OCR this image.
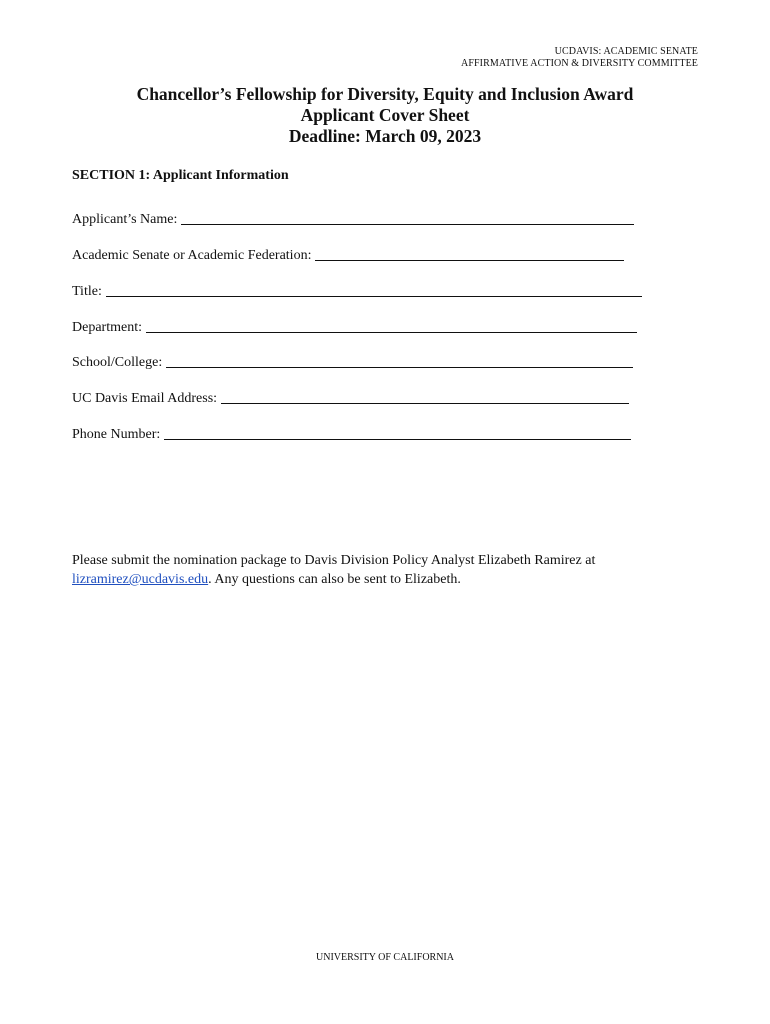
UCDAVIS: ACADEMIC SENATE
AFFIRMATIVE ACTION & DIVERSITY COMMITTEE
Chancellor’s Fellowship for Diversity, Equity and Inclusion Award
Applicant Cover Sheet
Deadline: March 09, 2023
SECTION 1: Applicant Information
Applicant’s Name:
Academic Senate or Academic Federation:
Title:
Department:
School/College:
UC Davis Email Address:
Phone Number:
Please submit the nomination package to Davis Division Policy Analyst Elizabeth Ramirez at lizramirez@ucdavis.edu. Any questions can also be sent to Elizabeth.
UNIVERSITY OF CALIFORNIA
